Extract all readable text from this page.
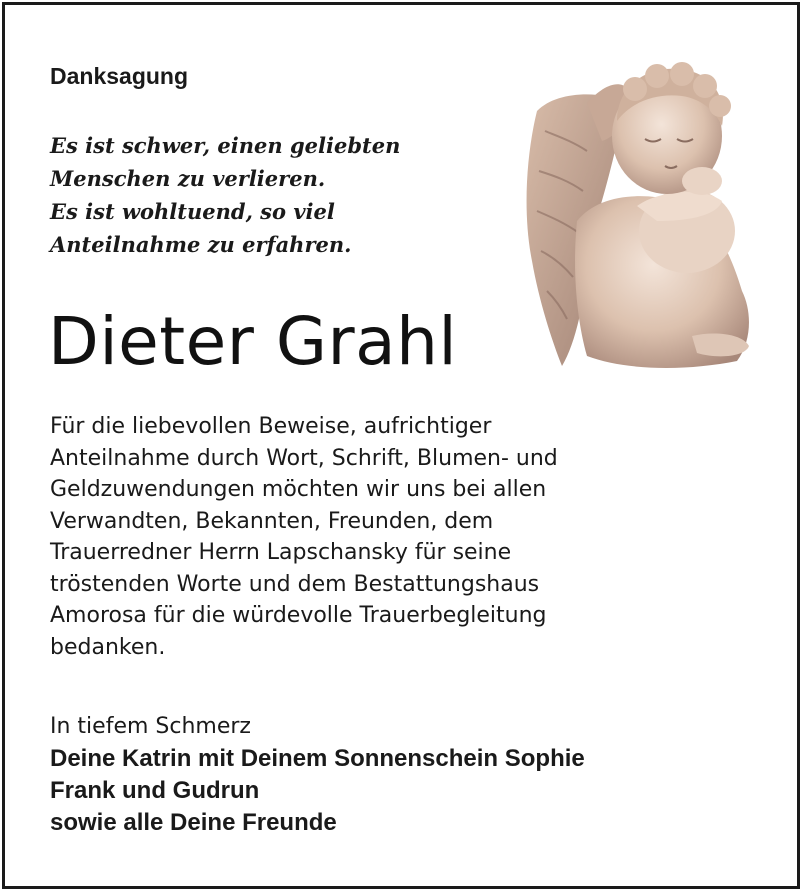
Danksagung

Es ist schwer, einen geliebten
Menschen zu verlieren.
Es ist wohltuend, so viel
Anteilnahme zu erfahren.

Dieter Grahl

Für die liebevollen Beweise, aufrichtiger
Anteilnahme durch Wort, Schrift, Blumen- und
Geldzuwendungen möchten wir uns bei allen
Verwandten, Bekannten, Freunden, dem
Trauerredner Herrn Lapschansky für seine
tröstenden Worte und dem Bestattungshaus
Amorosa für die würdevolle Trauerbegleitung
bedanken.

In tiefem Schmerz
Deine Katrin mit Deinem Sonnenschein Sophie
Frank und Gudrun
sowie alle Deine Freunde
